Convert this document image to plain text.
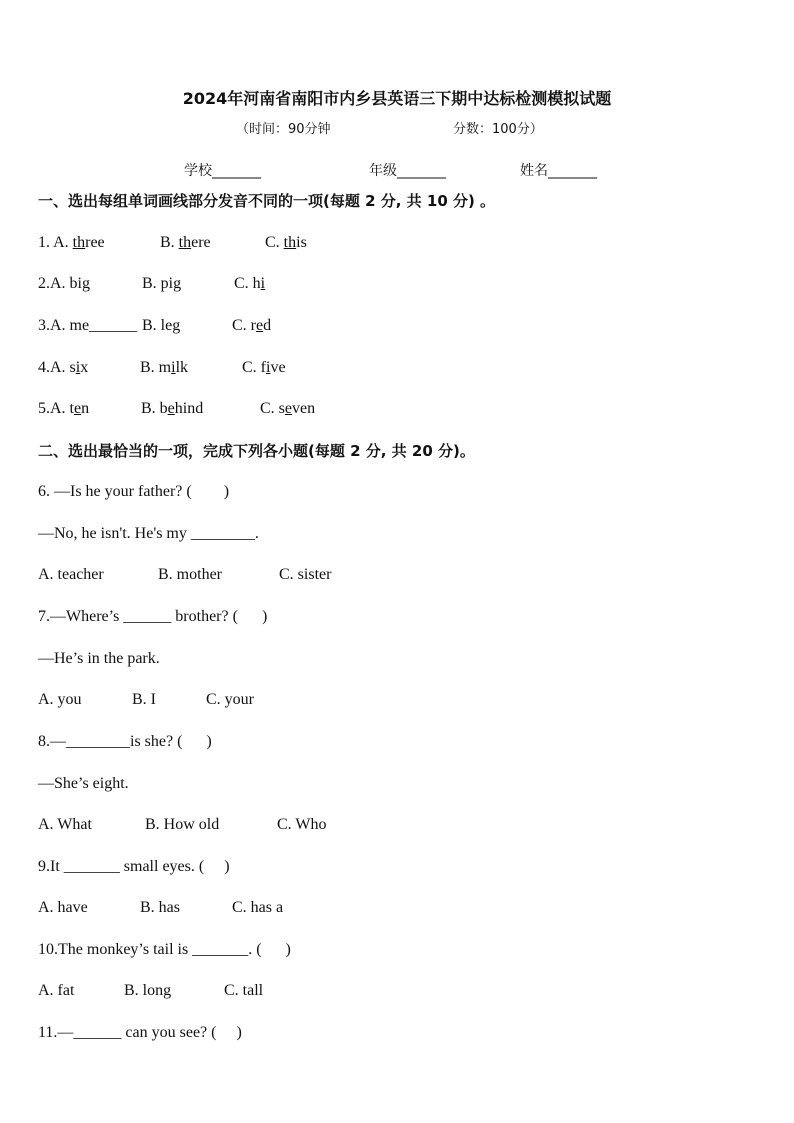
2024年河南省南阳市内乡县英语三下期中达标检测模拟试题
（时间：90分钟	分数：100分）
学校_______	年级_______	姓名_______
一、选出每组单词画线部分发音不同的一项(每题 2 分, 共 10 分) 。
1. A. three	B. there	C. this
2.A. big	B. pig	C. hi
3.A. me______ B. leg	C. red
4.A. six	B. milk	C. five
5.A. ten	B. behind	C. seven
二、选出最恰当的一项，完成下列各小题(每题 2 分, 共 20 分)。
6. —Is he your father? (        )
—No, he isn't. He's my ________.
A. teacher	B. mother	C. sister
7.—Where’s ______ brother? (      )
—He’s in the park.
A. you	B. I	C. your
8.—________is she? (      )
—She’s eight.
A. What	B. How old	C. Who
9.It _______ small eyes. (     )
A. have	B. has	C. has a
10.The monkey’s tail is _______. (      )
A. fat	B. long	C. tall
11.—______ can you see? (     )
